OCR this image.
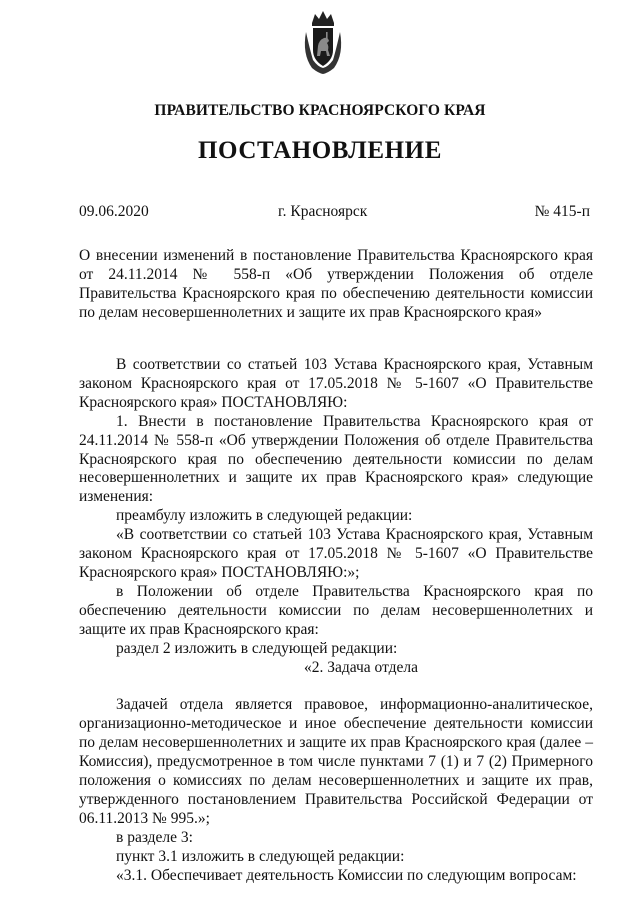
ПРАВИТЕЛЬСТВО КРАСНОЯРСКОГО КРАЯ
ПОСТАНОВЛЕНИЕ
09.06.2020	г. Красноярск	№ 415-п
О внесении изменений в постановление Правительства Красноярского края от 24.11.2014 № 558-п «Об утверждении Положения об отделе Правительства Красноярского края по обеспечению деятельности комиссии по делам несовершеннолетних и защите их прав Красноярского края»

В соответствии со статьей 103 Устава Красноярского края, Уставным законом Красноярского края от 17.05.2018 № 5-1607 «О Правительстве Красноярского края» ПОСТАНОВЛЯЮ:

1. Внести в постановление Правительства Красноярского края от 24.11.2014 № 558-п «Об утверждении Положения об отделе Правительства Красноярского края по обеспечению деятельности комиссии по делам несовершеннолетних и защите их прав Красноярского края» следующие изменения:

преамбулу изложить в следующей редакции:

«В соответствии со статьей 103 Устава Красноярского края, Уставным законом Красноярского края от 17.05.2018 № 5-1607 «О Правительстве Красноярского края» ПОСТАНОВЛЯЮ:»;

в Положении об отделе Правительства Красноярского края по обеспечению деятельности комиссии по делам несовершеннолетних и защите их прав Красноярского края:

раздел 2 изложить в следующей редакции:

«2. Задача отдела

Задачей отдела является правовое, информационно-аналитическое, организационно-методическое и иное обеспечение деятельности комиссии по делам несовершеннолетних и защите их прав Красноярского края (далее – Комиссия), предусмотренное в том числе пунктами 7 (1) и 7 (2) Примерного положения о комиссиях по делам несовершеннолетних и защите их прав, утвержденного постановлением Правительства Российской Федерации от 06.11.2013 № 995.»;

в разделе 3:

пункт 3.1 изложить в следующей редакции:

«3.1. Обеспечивает деятельность Комиссии по следующим вопросам:
